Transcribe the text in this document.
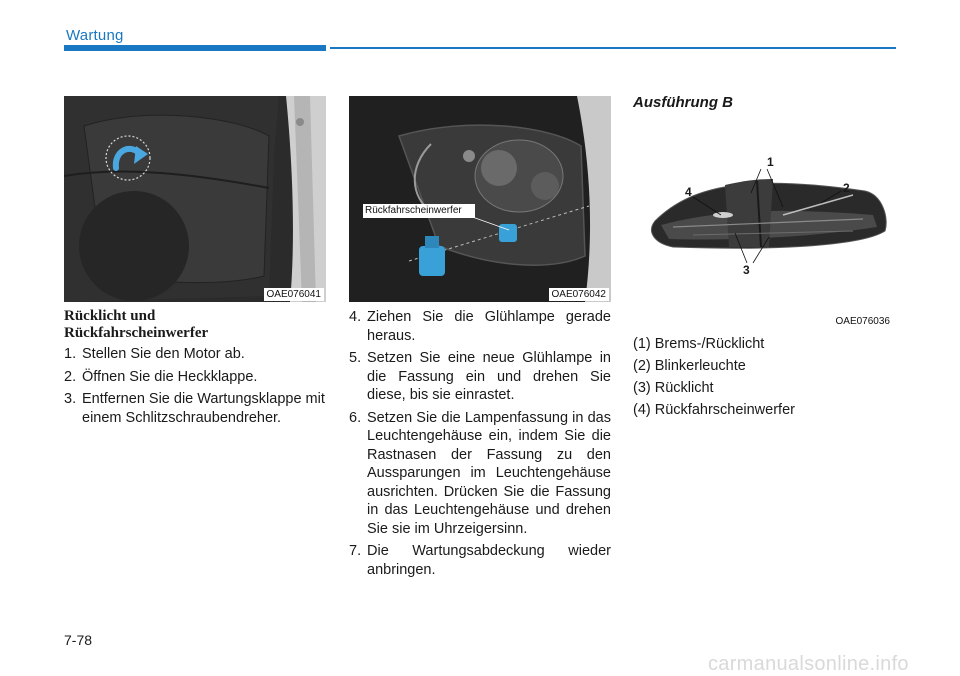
Wartung
OAE076041
Rückfahrscheinwerfer
OAE076042
1
2
3
4
OAE076036
Rücklicht und Rückfahrscheinwerfer
1. Stellen Sie den Motor ab.
2. Öffnen Sie die Heckklappe.
3. Entfernen Sie die Wartungsklappe mit einem Schlitzschraubendreher.
4. Ziehen Sie die Glühlampe gerade heraus.
5. Setzen Sie eine neue Glühlampe in die Fassung ein und drehen Sie diese, bis sie einrastet.
6. Setzen Sie die Lampenfassung in das Leuchtengehäuse ein, indem Sie die Rastnasen der Fassung zu den Aussparungen im Leuchtengehäuse ausrichten. Drücken Sie die Fassung in das Leuchtengehäuse und drehen Sie sie im Uhrzeigersinn.
7. Die Wartungsabdeckung wieder anbringen.
Ausführung B
(1) Brems-/Rücklicht
(2) Blinkerleuchte
(3) Rücklicht
(4) Rückfahrscheinwerfer
7-78
carmanualsonline.info
